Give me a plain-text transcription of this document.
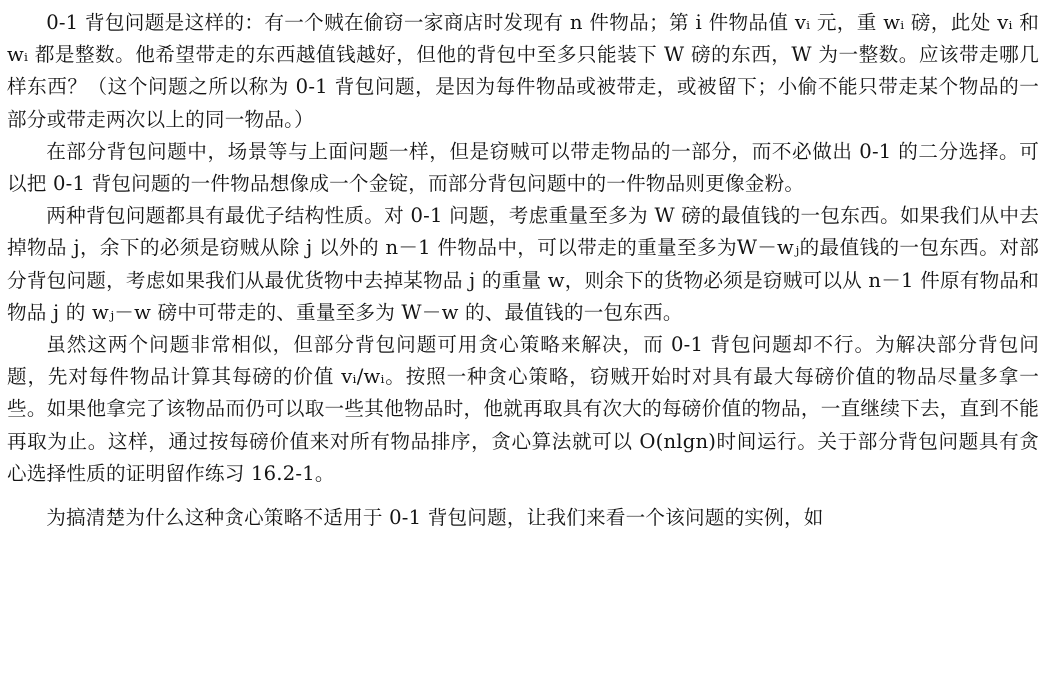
0-1 背包问题是这样的：有一个贼在偷窃一家商店时发现有 n 件物品；第 i 件物品值 vᵢ 元，重 wᵢ 磅，此处 vᵢ 和 wᵢ 都是整数。他希望带走的东西越值钱越好，但他的背包中至多只能装下 W 磅的东西，W 为一整数。应该带走哪几样东西？（这个问题之所以称为 0-1 背包问题，是因为每件物品或被带走，或被留下；小偷不能只带走某个物品的一部分或带走两次以上的同一物品。）

在部分背包问题中，场景等与上面问题一样，但是窃贼可以带走物品的一部分，而不必做出 0-1 的二分选择。可以把 0-1 背包问题的一件物品想像成一个金锭，而部分背包问题中的一件物品则更像金粉。

两种背包问题都具有最优子结构性质。对 0-1 问题，考虑重量至多为 W 磅的最值钱的一包东西。如果我们从中去掉物品 j，余下的必须是窃贼从除 j 以外的 n－1 件物品中，可以带走的重量至多为W－wⱼ的最值钱的一包东西。对部分背包问题，考虑如果我们从最优货物中去掉某物品 j 的重量 w，则余下的货物必须是窃贼可以从 n－1 件原有物品和物品 j 的 wⱼ－w 磅中可带走的、重量至多为 W－w 的、最值钱的一包东西。

虽然这两个问题非常相似，但部分背包问题可用贪心策略来解决，而 0-1 背包问题却不行。为解决部分背包问题，先对每件物品计算其每磅的价值 vᵢ/wᵢ。按照一种贪心策略，窃贼开始时对具有最大每磅价值的物品尽量多拿一些。如果他拿完了该物品而仍可以取一些其他物品时，他就再取具有次大的每磅价值的物品，一直继续下去，直到不能再取为止。这样，通过按每磅价值来对所有物品排序，贪心算法就可以 O(nlgn)时间运行。关于部分背包问题具有贪心选择性质的证明留作练习 16.2-1。

为搞清楚为什么这种贪心策略不适用于 0-1 背包问题，让我们来看一个该问题的实例，如
